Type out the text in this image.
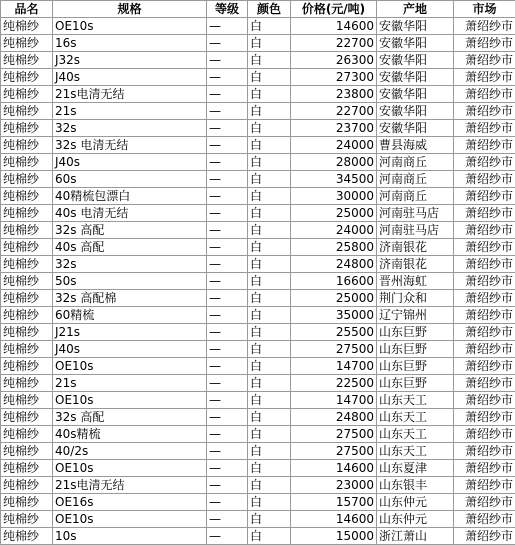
品名	规格	等级	颜色	价格(元/吨)	产地	市场
纯棉纱	OE10s	—	白	14600	安徽华阳	萧绍纱市
纯棉纱	16s	—	白	22700	安徽华阳	萧绍纱市
纯棉纱	J32s	—	白	26300	安徽华阳	萧绍纱市
纯棉纱	J40s	—	白	27300	安徽华阳	萧绍纱市
纯棉纱	21s电清无结	—	白	23800	安徽华阳	萧绍纱市
纯棉纱	21s	—	白	22700	安徽华阳	萧绍纱市
纯棉纱	32s	—	白	23700	安徽华阳	萧绍纱市
纯棉纱	32s 电清无结	—	白	24000	曹县海威	萧绍纱市
纯棉纱	J40s	—	白	28000	河南商丘	萧绍纱市
纯棉纱	60s	—	白	34500	河南商丘	萧绍纱市
纯棉纱	40精梳包漂白	—	白	30000	河南商丘	萧绍纱市
纯棉纱	40s 电清无结	—	白	25000	河南驻马店	萧绍纱市
纯棉纱	32s 高配	—	白	24000	河南驻马店	萧绍纱市
纯棉纱	40s 高配	—	白	25800	济南银花	萧绍纱市
纯棉纱	32s	—	白	24800	济南银花	萧绍纱市
纯棉纱	50s	—	白	16600	晋州海虹	萧绍纱市
纯棉纱	32s 高配棉	—	白	25000	荆门众和	萧绍纱市
纯棉纱	60精梳	—	白	35000	辽宁锦州	萧绍纱市
纯棉纱	J21s	—	白	25500	山东巨野	萧绍纱市
纯棉纱	J40s	—	白	27500	山东巨野	萧绍纱市
纯棉纱	OE10s	—	白	14700	山东巨野	萧绍纱市
纯棉纱	21s	—	白	22500	山东巨野	萧绍纱市
纯棉纱	OE10s	—	白	14700	山东天工	萧绍纱市
纯棉纱	32s 高配	—	白	24800	山东天工	萧绍纱市
纯棉纱	40s精梳	—	白	27500	山东天工	萧绍纱市
纯棉纱	40/2s	—	白	27500	山东天工	萧绍纱市
纯棉纱	OE10s	—	白	14600	山东夏津	萧绍纱市
纯棉纱	21s电清无结	—	白	23000	山东银丰	萧绍纱市
纯棉纱	OE16s	—	白	15700	山东仲元	萧绍纱市
纯棉纱	OE10s	—	白	14600	山东仲元	萧绍纱市
纯棉纱	10s	—	白	15000	浙江萧山	萧绍纱市
